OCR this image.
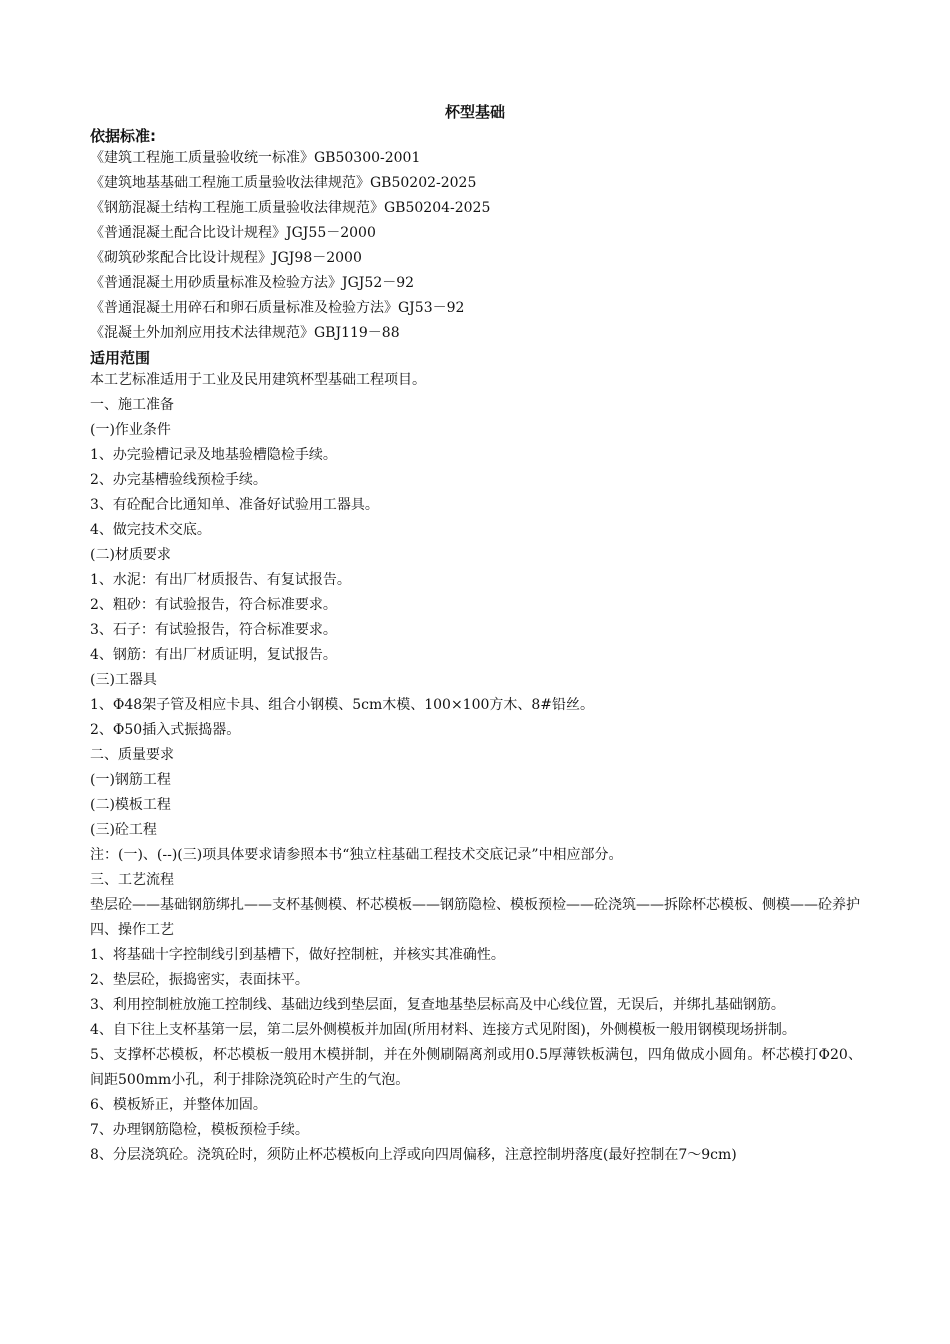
杯型基础

依据标准:

《建筑工程施工质量验收统一标准》GB50300-2001

《建筑地基基础工程施工质量验收法律规范》GB50202-2025

《钢筋混凝土结构工程施工质量验收法律规范》GB50204-2025

《普通混凝土配合比设计规程》JGJ55－2000

《砌筑砂浆配合比设计规程》JGJ98－2000

《普通混凝土用砂质量标准及检验方法》JGJ52－92

《普通混凝土用碎石和卵石质量标准及检验方法》GJ53－92

《混凝土外加剂应用技术法律规范》GBJ119－88

适用范围

本工艺标准适用于工业及民用建筑杯型基础工程项目。

一、施工准备

(一)作业条件

1、办完验槽记录及地基验槽隐检手续。

2、办完基槽验线预检手续。

3、有砼配合比通知单、准备好试验用工器具。

4、做完技术交底。

(二)材质要求

1、水泥：有出厂材质报告、有复试报告。

2、粗砂：有试验报告，符合标准要求。

3、石子：有试验报告，符合标准要求。

4、钢筋：有出厂材质证明，复试报告。

(三)工器具

1、Φ48架子管及相应卡具、组合小钢模、5cm木模、100×100方木、8#铅丝。

2、Φ50插入式振捣器。

二、质量要求

(一)钢筋工程

(二)模板工程

(三)砼工程

注：(一)、(--)(三)项具体要求请参照本书“独立柱基础工程技术交底记录”中相应部分。

三、工艺流程

垫层砼——基础钢筋绑扎——支杯基侧模、杯芯模板——钢筋隐检、模板预检——砼浇筑——拆除杯芯模板、侧模——砼养护

四、操作工艺

1、将基础十字控制线引到基槽下，做好控制桩，并核实其准确性。

2、垫层砼，振捣密实，表面抹平。

3、利用控制桩放施工控制线、基础边线到垫层面，复查地基垫层标高及中心线位置，无误后，并绑扎基础钢筋。

4、自下往上支杯基第一层，第二层外侧模板并加固(所用材料、连接方式见附图)，外侧模板一般用钢模现场拼制。

5、支撑杯芯模板，杯芯模板一般用木模拼制，并在外侧刷隔离剂或用0.5厚薄铁板满包，四角做成小圆角。杯芯模打Φ20、间距500mm小孔，利于排除浇筑砼时产生的气泡。

6、模板矫正，并整体加固。

7、办理钢筋隐检，模板预检手续。

8、分层浇筑砼。浇筑砼时，须防止杯芯模板向上浮或向四周偏移，注意控制坍落度(最好控制在7～9cm)
